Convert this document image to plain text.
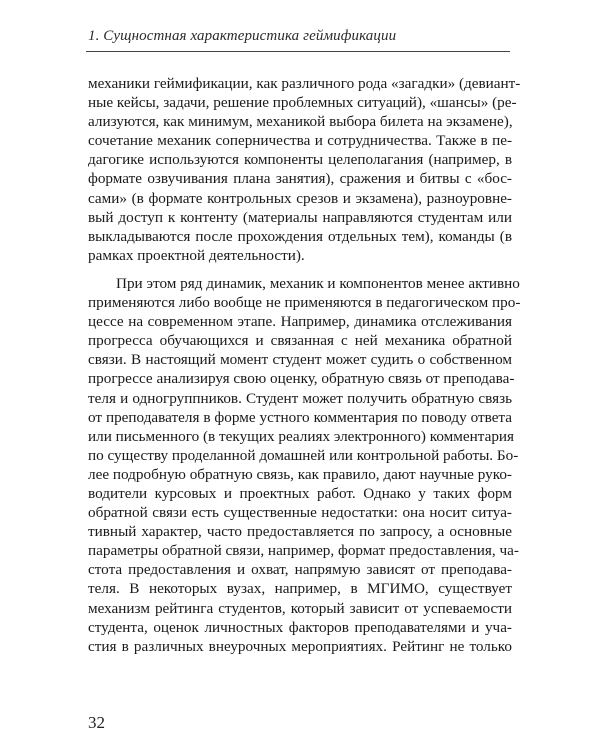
1. Сущностная характеристика геймификации
механики геймификации, как различного рода «загадки» (девиант-
ные кейсы, задачи, решение проблемных ситуаций), «шансы» (ре-
ализуются, как минимум, механикой выбора билета на экзамене),
сочетание механик соперничества и сотрудничества. Также в пе-
дагогике используются компоненты целеполагания (например, в
формате озвучивания плана занятия), сражения и битвы с «бос-
сами» (в формате контрольных срезов и экзамена), разноуровне-
вый доступ к контенту (материалы направляются студентам или
выкладываются после прохождения отдельных тем), команды (в
рамках проектной деятельности).
При этом ряд динамик, механик и компонентов менее активно
применяются либо вообще не применяются в педагогическом про-
цессе на современном этапе. Например, динамика отслеживания
прогресса обучающихся и связанная с ней механика обратной
связи. В настоящий момент студент может судить о собственном
прогрессе анализируя свою оценку, обратную связь от преподава-
теля и одногруппников. Студент может получить обратную связь
от преподавателя в форме устного комментария по поводу ответа
или письменного (в текущих реалиях электронного) комментария
по существу проделанной домашней или контрольной работы. Бо-
лее подробную обратную связь, как правило, дают научные руко-
водители курсовых и проектных работ. Однако у таких форм
обратной связи есть существенные недостатки: она носит ситуа-
тивный характер, часто предоставляется по запросу, а основные
параметры обратной связи, например, формат предоставления, ча-
стота предоставления и охват, напрямую зависят от преподава-
теля. В некоторых вузах, например, в МГИМО, существует
механизм рейтинга студентов, который зависит от успеваемости
студента, оценок личностных факторов преподавателями и уча-
стия в различных внеурочных мероприятиях. Рейтинг не только
32
